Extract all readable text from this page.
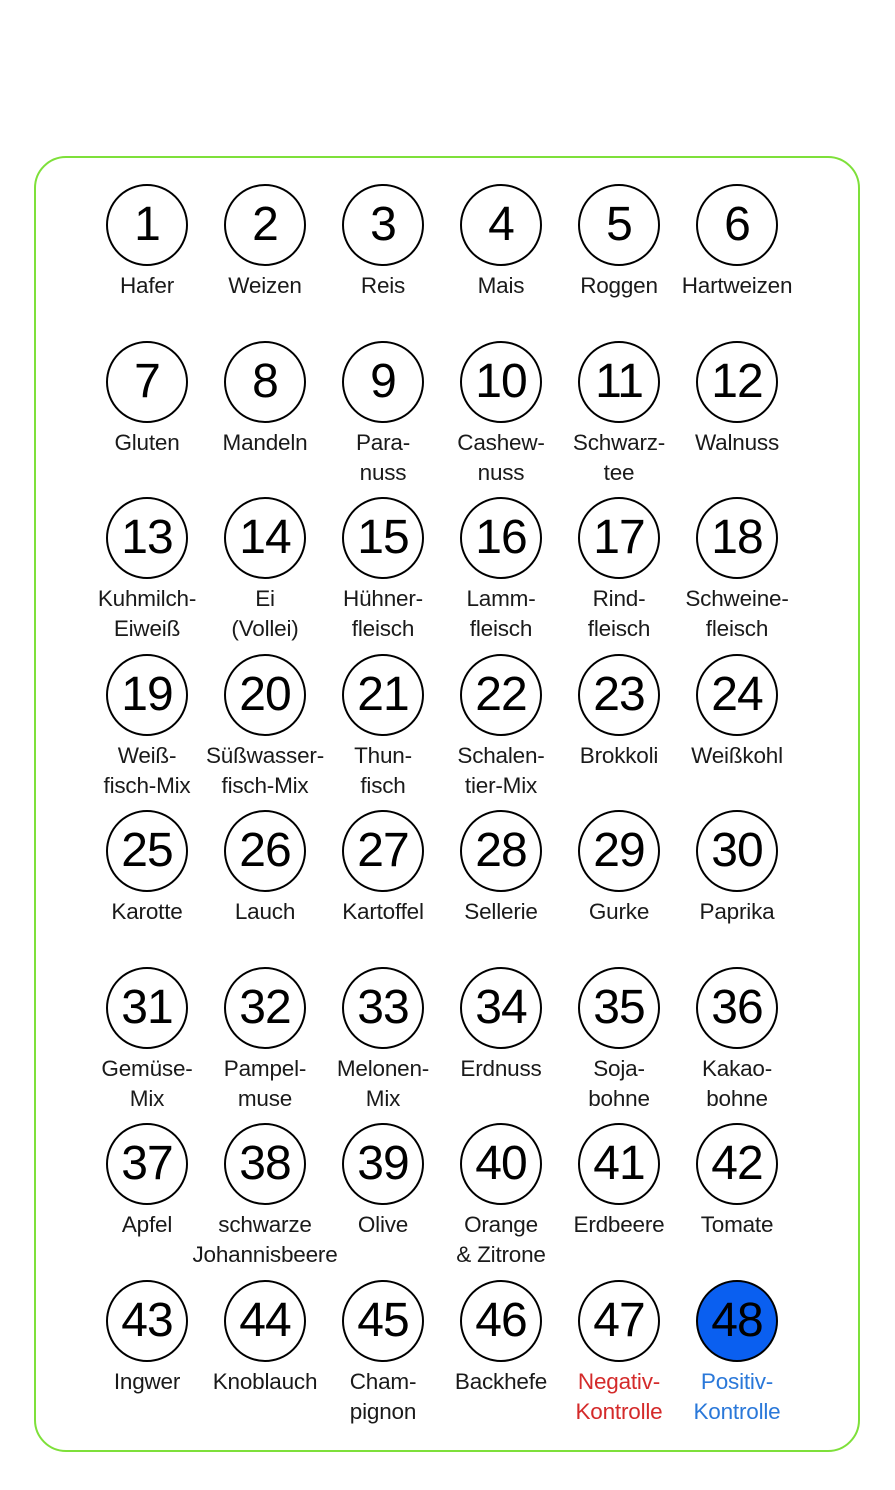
1
Hafer
2
Weizen
3
Reis
4
Mais
5
Roggen
6
Hartweizen
7
Gluten
8
Mandeln
9
Para-
nuss
10
Cashew-
nuss
11
Schwarz-
tee
12
Walnuss
13
Kuhmilch-
Eiweiß
14
Ei
(Vollei)
15
Hühner-
fleisch
16
Lamm-
fleisch
17
Rind-
fleisch
18
Schweine-
fleisch
19
Weiß-
fisch-Mix
20
Süßwasser-
fisch-Mix
21
Thun-
fisch
22
Schalen-
tier-Mix
23
Brokkoli
24
Weißkohl
25
Karotte
26
Lauch
27
Kartoffel
28
Sellerie
29
Gurke
30
Paprika
31
Gemüse-
Mix
32
Pampel-
muse
33
Melonen-
Mix
34
Erdnuss
35
Soja-
bohne
36
Kakao-
bohne
37
Apfel
38
schwarze
Johannisbeere
39
Olive
40
Orange
& Zitrone
41
Erdbeere
42
Tomate
43
Ingwer
44
Knoblauch
45
Cham-
pignon
46
Backhefe
47
Negativ-
Kontrolle
48
Positiv-
Kontrolle
